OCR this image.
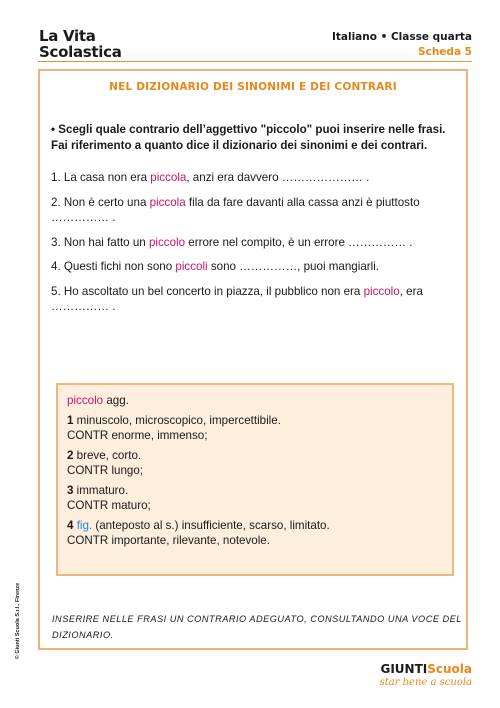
La Vita
Scolastica
Italiano • Classe quarta
Scheda 5
NEL DIZIONARIO DEI SINONIMI E DEI CONTRARI

• Scegli quale contrario dell’aggettivo "piccolo" puoi inserire nelle frasi. Fai riferimento a quanto dice il dizionario dei sinonimi e dei contrari.

1. La casa non era piccola, anzi era davvero ………………… .

2. Non è certo una piccola fila da fare davanti alla cassa anzi è piuttosto …………… .

3. Non hai fatto un piccolo errore nel compito, è un errore …………… .

4. Questi fichi non sono piccoli sono ……………, puoi mangiarli.

5. Ho ascoltato un bel concerto in piazza, il pubblico non era piccolo, era …………… .

piccolo agg.
1 minuscolo, microscopico, impercettibile.
CONTR enorme, immenso;
2 breve, corto.
CONTR lungo;
3 immaturo.
CONTR maturo;
4 fig. (anteposto al s.) insufficiente, scarso, limitato.
CONTR importante, rilevante, notevole.
INSERIRE NELLE FRASI UN CONTRARIO ADEGUATO, CONSULTANDO UNA VOCE DEL DIZIONARIO.
© Giunti Scuola S.r.l., Firenze
GIUNTIScuola
star bene a scuola
